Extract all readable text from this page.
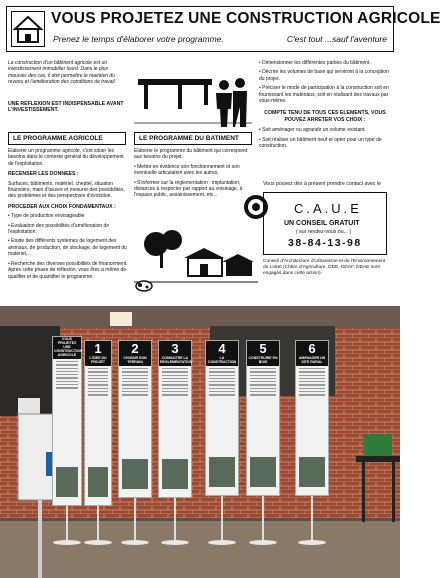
VOUS PROJETEZ UNE CONSTRUCTION AGRICOLE
Prenez le temps d'élaborer votre programme.	C'est tout ...sauf l'aventure
La construction d'un bâtiment agricole est un investissement immobilier lourd. Dans le plus mauvais des cas, il doit permettre le maintien du revenu et l'amélioration des conditions de travail.
UNE REFLEXION EST INDISPENSABLE AVANT L'INVESTISSEMENT.

• Dimensionner les différentes parties du bâtiment.

• Décrire les volumes de base qui serviront à la conception du projet.

• Préciser le mode de participation à la construction soit en fournissant les matériaux, soit en réalisant des travaux par vous-même.

COMPTE TENU DE TOUS CES ELEMENTS, VOUS POUVEZ ARRETER VOS CHOIX :

• Soit aménager ou agrandir un volume existant.

• Soit réaliser un bâtiment neuf et opter pour un type de construction.

LE PROGRAMME AGRICOLE

Elaborer un programme agricole, c'est situer les besoins dans le contexte général du développement de l'exploitation.

RECENSER LES DONNEES :

Surfaces, bâtiments, matériel, cheptel, situation financière, main d'œuvre et mesurer des possibilités, des problèmes et des perspectives d'évolution.

PROCEDER AUX CHOIX FONDAMENTAUX :

• Type de production envisageable

• Evaluation des possibilités d'amélioration de l'exploitation.

• Etude des différents systèmes de logement des animaux, de production, de stockage, de logement du matériel,...

• Recherche des diverses possibilités de financement. Après cette phase de réflexion, vous êtes à même de qualifier et de quantifier le programme.

LE PROGRAMME DU BATIMENT

Elaborer le programme du bâtiment qui correspond aux besoins du projet.

• Mettre en évidence son fonctionnement et son éventuelle articulation avec les autres.

• S'informer sur la réglementation : implantation, distances à respecter par rapport au voisinage, à l'espace public, assainissement, etc...

Vous pouvez dès à présent prendre contact avec le
C.A.U.E
UN CONSEIL GRATUIT
( sur rendez-vous ou... )
38-84-13-98
Conseil d'Architecture d'Urbanisme et de l'Environnement du Loiret (Chbre d'Agriculture, DDE, DDAF, DDAE sont engagés dans cette action).
VOUS PROJETEZ UNE CONSTRUCTION AGRICOLE	1
L'IDEE DU PROJET
2
CHOISIR SON TERRAIN
3
CONNAITRE LA REGLEMENTATION
4
LA CONSTRUCTION
5
CONSTRUIRE EN BOIS
6
AMENAGER UN SITE RURAL
